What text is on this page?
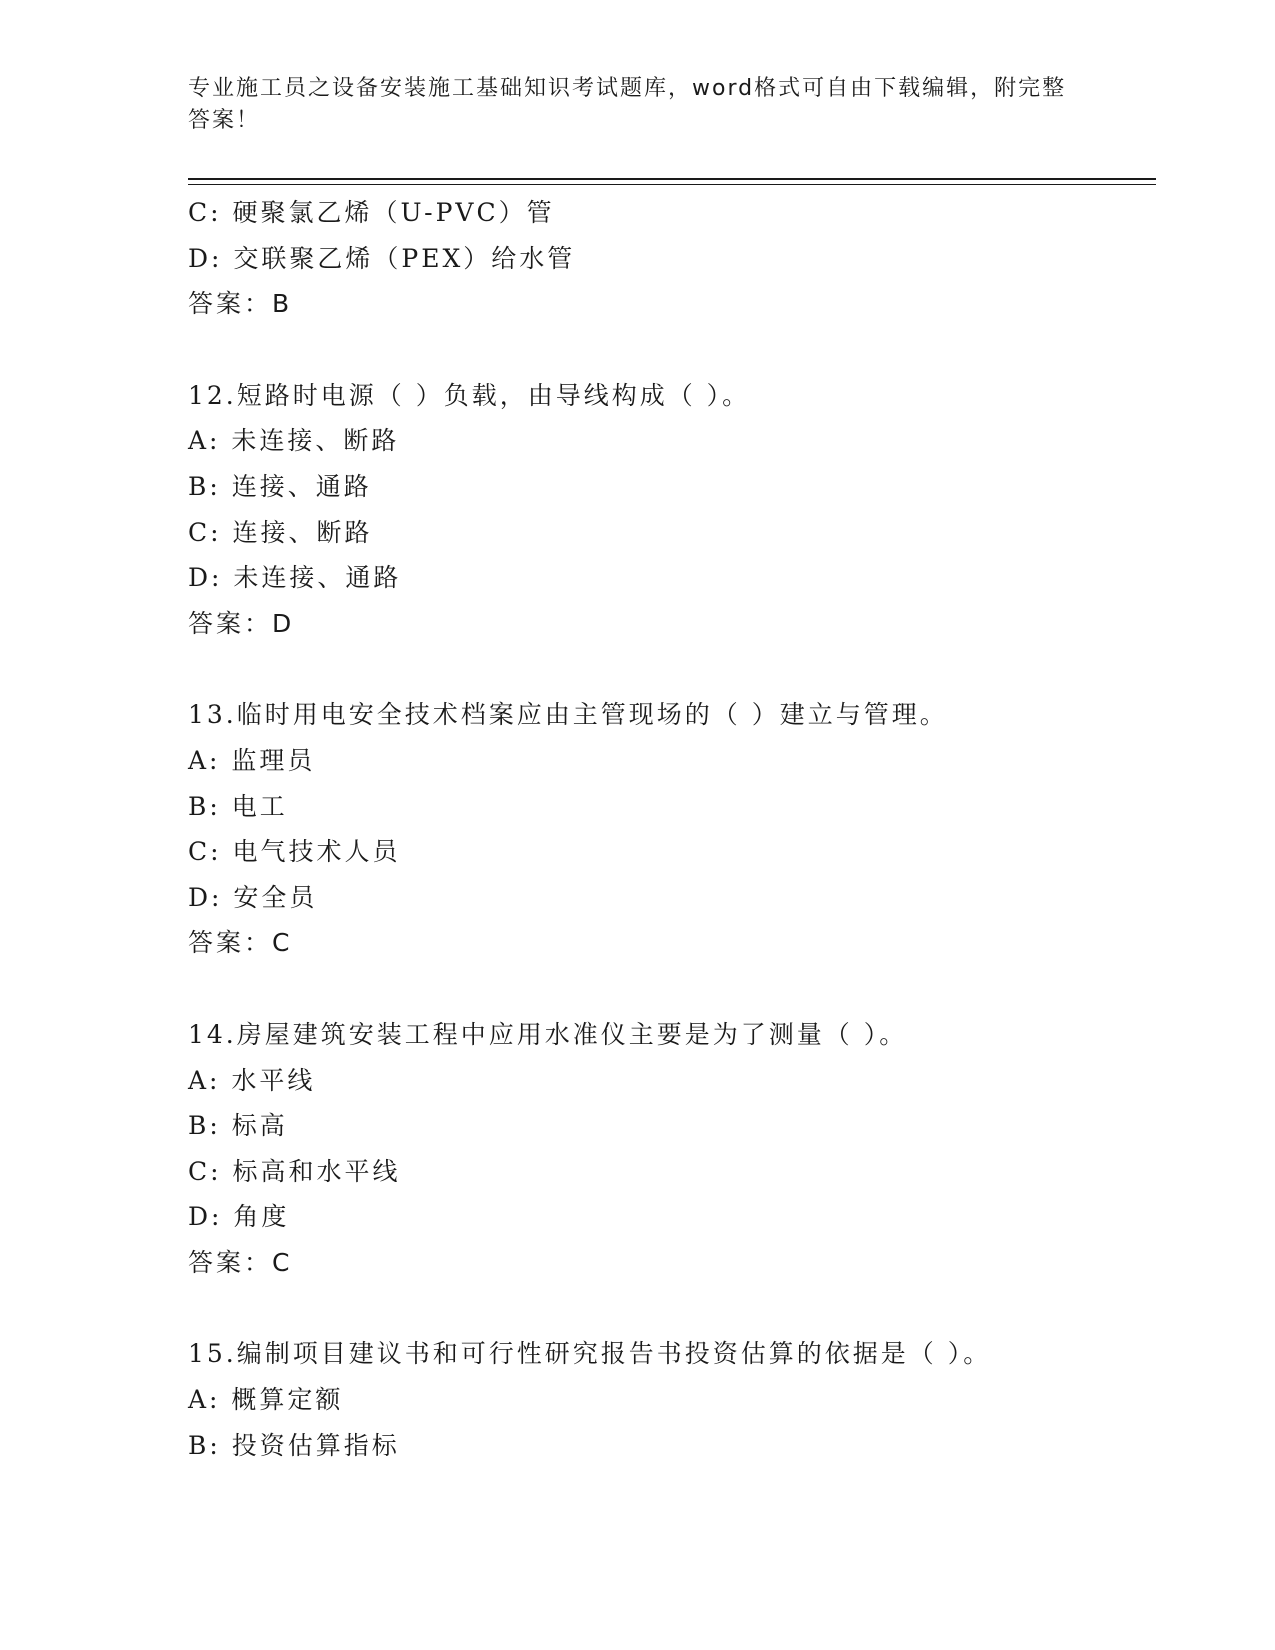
专业施工员之设备安装施工基础知识考试题库，word格式可自由下载编辑，附完整答案！
C: 硬聚氯乙烯（U-PVC）管
D: 交联聚乙烯（PEX）给水管
答案：B
12.短路时电源（ ）负载，由导线构成（ ）。
A: 未连接、断路
B: 连接、通路
C: 连接、断路
D: 未连接、通路
答案：D
13.临时用电安全技术档案应由主管现场的（ ）建立与管理。
A: 监理员
B: 电工
C: 电气技术人员
D: 安全员
答案：C
14.房屋建筑安装工程中应用水准仪主要是为了测量（ ）。
A: 水平线
B: 标高
C: 标高和水平线
D: 角度
答案：C
15.编制项目建议书和可行性研究报告书投资估算的依据是（ ）。
A: 概算定额
B: 投资估算指标
